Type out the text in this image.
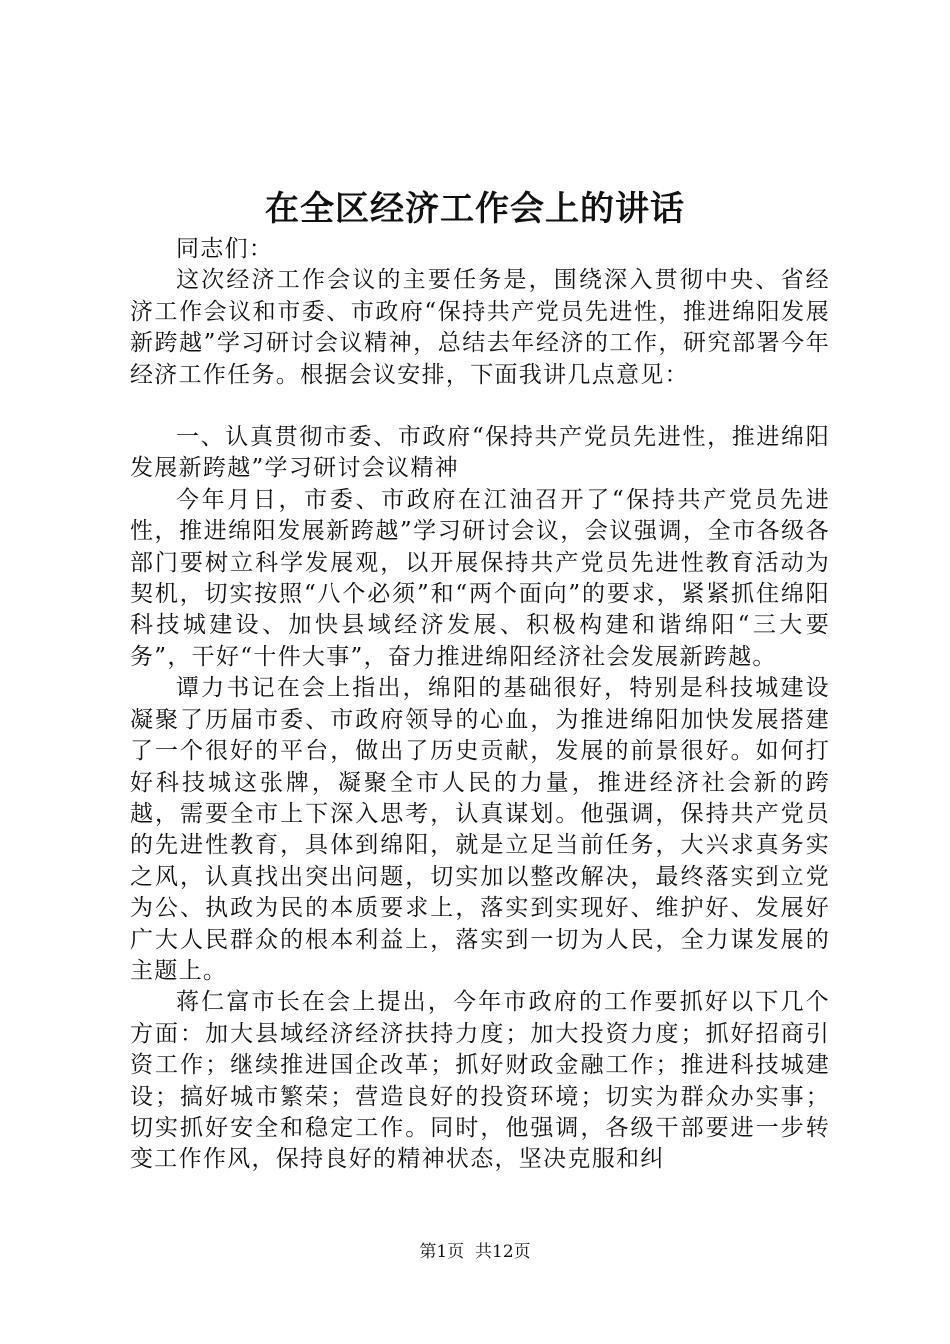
在全区经济工作会上的讲话

同志们：

这次经济工作会议的主要任务是，围绕深入贯彻中央、省经济工作会议和市委、市政府“保持共产党员先进性，推进绵阳发展新跨越”学习研讨会议精神，总结去年经济的工作，研究部署今年经济工作任务。根据会议安排，下面我讲几点意见：

一、认真贯彻市委、市政府“保持共产党员先进性，推进绵阳发展新跨越”学习研讨会议精神

今年月日，市委、市政府在江油召开了“保持共产党员先进性，推进绵阳发展新跨越”学习研讨会议，会议强调，全市各级各部门要树立科学发展观，以开展保持共产党员先进性教育活动为契机，切实按照“八个必须”和“两个面向”的要求，紧紧抓住绵阳科技城建设、加快县域经济发展、积极构建和谐绵阳“三大要务”，干好“十件大事”，奋力推进绵阳经济社会发展新跨越。

谭力书记在会上指出，绵阳的基础很好，特别是科技城建设凝聚了历届市委、市政府领导的心血，为推进绵阳加快发展搭建了一个很好的平台，做出了历史贡献，发展的前景很好。如何打好科技城这张牌，凝聚全市人民的力量，推进经济社会新的跨越，需要全市上下深入思考，认真谋划。他强调，保持共产党员的先进性教育，具体到绵阳，就是立足当前任务，大兴求真务实之风，认真找出突出问题，切实加以整改解决，最终落实到立党为公、执政为民的本质要求上，落实到实现好、维护好、发展好广大人民群众的根本利益上，落实到一切为人民，全力谋发展的主题上。

蒋仁富市长在会上提出，今年市政府的工作要抓好以下几个方面：加大县域经济经济扶持力度；加大投资力度；抓好招商引资工作；继续推进国企改革；抓好财政金融工作；推进科技城建设；搞好城市繁荣；营造良好的投资环境；切实为群众办实事；切实抓好安全和稳定工作。同时，他强调，各级干部要进一步转变工作作风，保持良好的精神状态，坚决克服和纠

第1页 共12页
